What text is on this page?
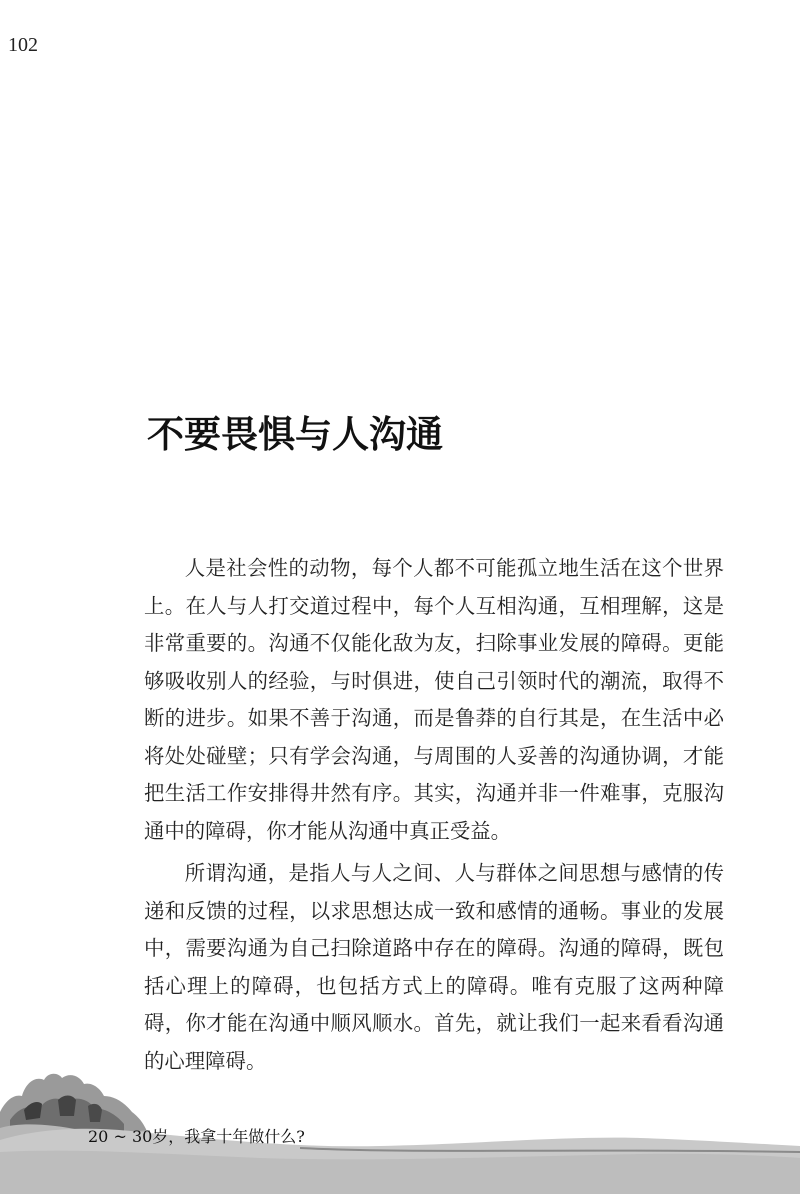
102
不要畏惧与人沟通

人是社会性的动物，每个人都不可能孤立地生活在这个世界上。在人与人打交道过程中，每个人互相沟通，互相理解，这是非常重要的。沟通不仅能化敌为友，扫除事业发展的障碍。更能够吸收别人的经验，与时俱进，使自己引领时代的潮流，取得不断的进步。如果不善于沟通，而是鲁莽的自行其是，在生活中必将处处碰壁；只有学会沟通，与周围的人妥善的沟通协调，才能把生活工作安排得井然有序。其实，沟通并非一件难事，克服沟通中的障碍，你才能从沟通中真正受益。

所谓沟通，是指人与人之间、人与群体之间思想与感情的传递和反馈的过程，以求思想达成一致和感情的通畅。事业的发展中，需要沟通为自己扫除道路中存在的障碍。沟通的障碍，既包括心理上的障碍，也包括方式上的障碍。唯有克服了这两种障碍，你才能在沟通中顺风顺水。首先，就让我们一起来看看沟通的心理障碍。

20 ~ 30岁，我拿十年做什么?
